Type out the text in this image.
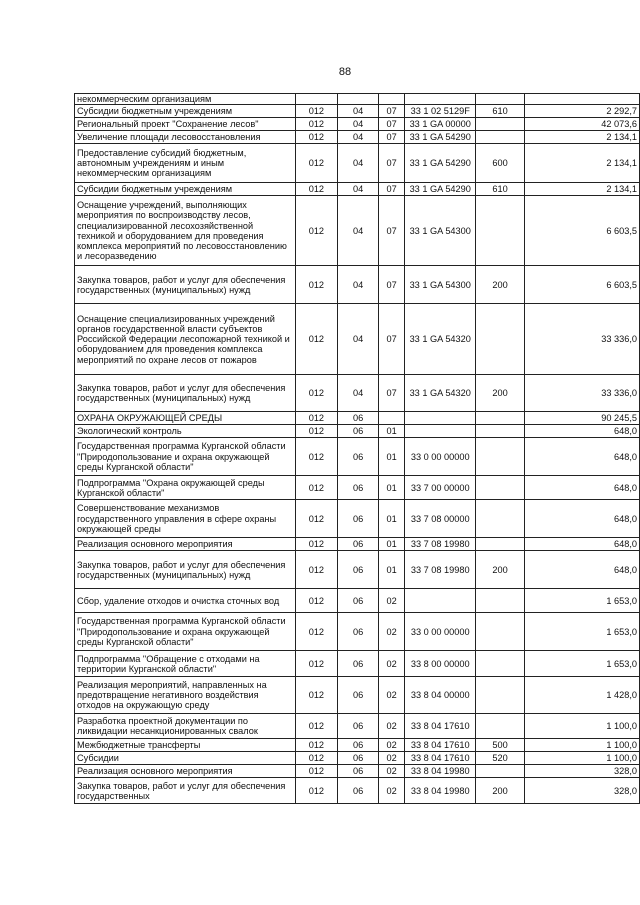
88
некоммерческим организациям						
Субсидии бюджетным учреждениям	012	04	07	33 1 02 5129F	610	2 292,7
Региональный проект "Сохранение лесов"	012	04	07	33 1 GA 00000		42 073,6
Увеличение площади лесовосстановления	012	04	07	33 1 GA 54290		2 134,1
Предоставление субсидий бюджетным, автономным учреждениям и иным некоммерческим организациям	012	04	07	33 1 GA 54290	600	2 134,1
Субсидии бюджетным учреждениям	012	04	07	33 1 GA 54290	610	2 134,1
Оснащение учреждений, выполняющих мероприятия по воспроизводству лесов, специализированной лесохозяйственной техникой и оборудованием для проведения комплекса мероприятий по лесовосстановлению и лесоразведению	012	04	07	33 1 GA 54300		6 603,5
Закупка товаров, работ и услуг для обеспечения государственных (муниципальных) нужд	012	04	07	33 1 GA 54300	200	6 603,5
Оснащение специализированных учреждений органов государственной власти субъектов Российской Федерации лесопожарной техникой и оборудованием для проведения комплекса мероприятий по охране лесов от пожаров	012	04	07	33 1 GA 54320		33 336,0
Закупка товаров, работ и услуг для обеспечения государственных (муниципальных) нужд	012	04	07	33 1 GA 54320	200	33 336,0
ОХРАНА ОКРУЖАЮЩЕЙ СРЕДЫ	012	06				90 245,5
Экологический контроль	012	06	01			648,0
Государственная программа Курганской области "Природопользование и охрана окружающей среды Курганской области"	012	06	01	33 0 00 00000		648,0
Подпрограмма "Охрана окружающей среды Курганской области"	012	06	01	33 7 00 00000		648,0
Совершенствование механизмов государственного управления в сфере охраны окружающей среды	012	06	01	33 7 08 00000		648,0
Реализация основного мероприятия	012	06	01	33 7 08 19980		648,0
Закупка товаров, работ и услуг для обеспечения государственных (муниципальных) нужд	012	06	01	33 7 08 19980	200	648,0
Сбор, удаление отходов и очистка сточных вод	012	06	02			1 653,0
Государственная программа Курганской области "Природопользование и охрана окружающей среды Курганской области"	012	06	02	33 0 00 00000		1 653,0
Подпрограмма "Обращение с отходами на территории Курганской области"	012	06	02	33 8 00 00000		1 653,0
Реализация мероприятий, направленных на предотвращение негативного воздействия отходов на окружающую среду	012	06	02	33 8 04 00000		1 428,0
Разработка проектной документации по ликвидации несанкционированных свалок	012	06	02	33 8 04 17610		1 100,0
Межбюджетные трансферты	012	06	02	33 8 04 17610	500	1 100,0
Субсидии	012	06	02	33 8 04 17610	520	1 100,0
Реализация основного мероприятия	012	06	02	33 8 04 19980		328,0
Закупка товаров, работ и услуг для обеспечения государственных	012	06	02	33 8 04 19980	200	328,0
